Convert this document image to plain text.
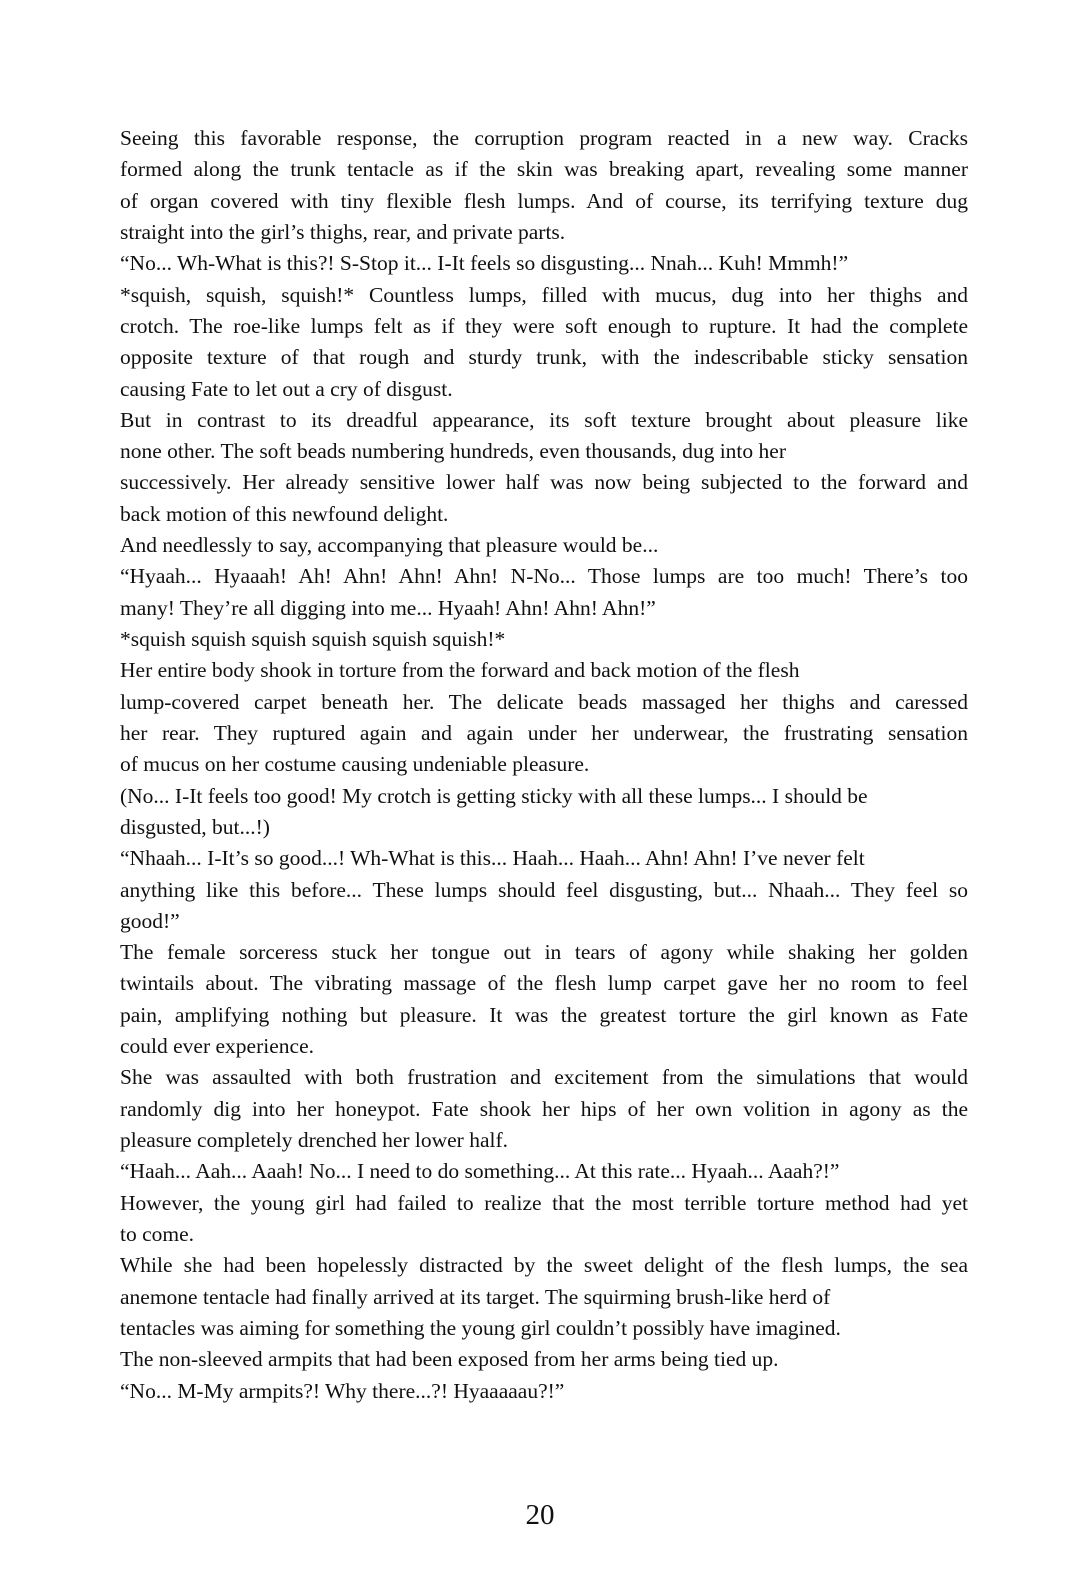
Seeing this favorable response, the corruption program reacted in a new way. Cracks
formed along the trunk tentacle as if the skin was breaking apart, revealing some manner
of organ covered with tiny flexible flesh lumps. And of course, its terrifying texture dug
straight into the girl’s thighs, rear, and private parts.
“No... Wh-What is this?! S-Stop it... I-It feels so disgusting... Nnah... Kuh! Mmmh!”
*squish, squish, squish!* Countless lumps, filled with mucus, dug into her thighs and
crotch. The roe-like lumps felt as if they were soft enough to rupture. It had the complete
opposite texture of that rough and sturdy trunk, with the indescribable sticky sensation
causing Fate to let out a cry of disgust.
But in contrast to its dreadful appearance, its soft texture brought about pleasure like
none other. The soft beads numbering hundreds, even thousands, dug into her
successively. Her already sensitive lower half was now being subjected to the forward and
back motion of this newfound delight.
And needlessly to say, accompanying that pleasure would be...
“Hyaah... Hyaaah! Ah! Ahn! Ahn! Ahn! N-No... Those lumps are too much! There’s too
many! They’re all digging into me... Hyaah! Ahn! Ahn! Ahn!”
*squish squish squish squish squish squish!*
Her entire body shook in torture from the forward and back motion of the flesh
lump-covered carpet beneath her. The delicate beads massaged her thighs and caressed
her rear. They ruptured again and again under her underwear, the frustrating sensation
of mucus on her costume causing undeniable pleasure.
(No... I-It feels too good! My crotch is getting sticky with all these lumps... I should be
disgusted, but...!)
“Nhaah... I-It’s so good...! Wh-What is this... Haah... Haah... Ahn! Ahn! I’ve never felt
anything like this before... These lumps should feel disgusting, but... Nhaah... They feel so
good!”
The female sorceress stuck her tongue out in tears of agony while shaking her golden
twintails about. The vibrating massage of the flesh lump carpet gave her no room to feel
pain, amplifying nothing but pleasure. It was the greatest torture the girl known as Fate
could ever experience.
She was assaulted with both frustration and excitement from the simulations that would
randomly dig into her honeypot. Fate shook her hips of her own volition in agony as the
pleasure completely drenched her lower half.
“Haah... Aah... Aaah! No... I need to do something... At this rate... Hyaah... Aaah?!”
However, the young girl had failed to realize that the most terrible torture method had yet
to come.
While she had been hopelessly distracted by the sweet delight of the flesh lumps, the sea
anemone tentacle had finally arrived at its target. The squirming brush-like herd of
tentacles was aiming for something the young girl couldn’t possibly have imagined.
The non-sleeved armpits that had been exposed from her arms being tied up.
“No... M-My armpits?! Why there...?! Hyaaaaau?!”
20
